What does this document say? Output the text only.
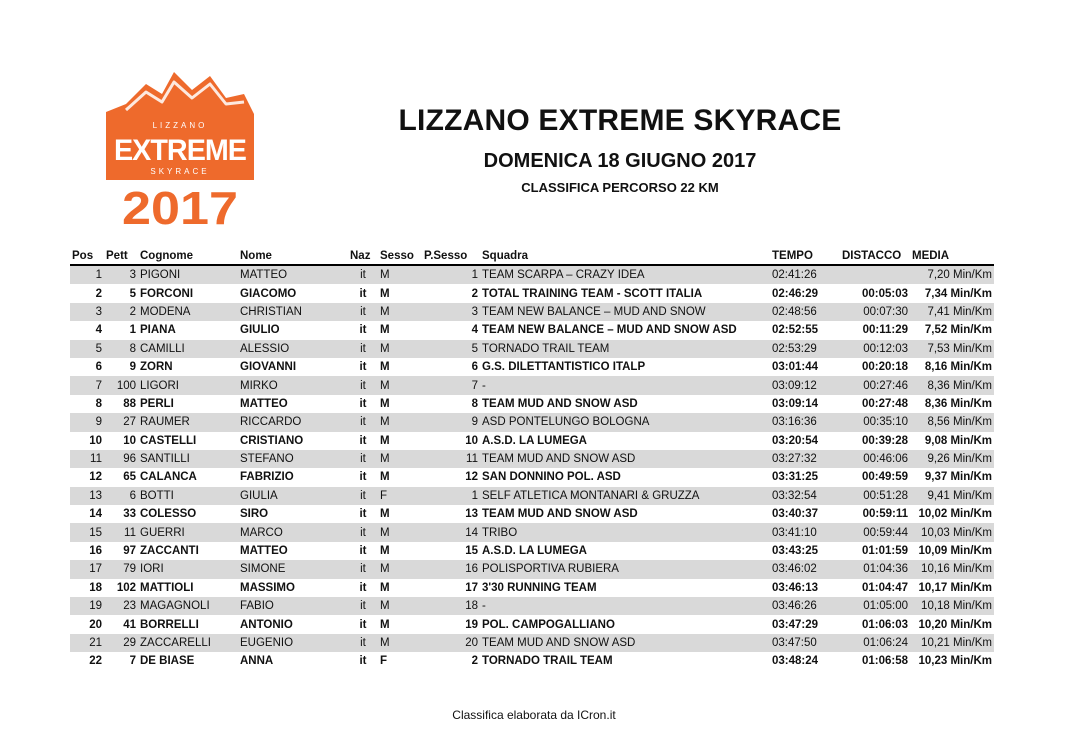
LIZZANO
EXTREME
SKYRACE
2017
LIZZANO EXTREME SKYRACE
DOMENICA 18 GIUGNO 2017
CLASSIFICA PERCORSO 22 KM
Pos	Pett	Cognome	Nome	Naz	Sesso	P.Sesso	Squadra	TEMPO	DISTACCO	MEDIA
1	3	PIGONI	MATTEO	it	M	1	TEAM SCARPA – CRAZY IDEA	02:41:26		7,20 Min/Km
2	5	FORCONI	GIACOMO	it	M	2	TOTAL TRAINING TEAM - SCOTT ITALIA	02:46:29	00:05:03	7,34 Min/Km
3	2	MODENA	CHRISTIAN	it	M	3	TEAM NEW BALANCE – MUD AND SNOW	02:48:56	00:07:30	7,41 Min/Km
4	1	PIANA	GIULIO	it	M	4	TEAM NEW BALANCE – MUD AND SNOW ASD	02:52:55	00:11:29	7,52 Min/Km
5	8	CAMILLI	ALESSIO	it	M	5	TORNADO TRAIL TEAM	02:53:29	00:12:03	7,53 Min/Km
6	9	ZORN	GIOVANNI	it	M	6	G.S. DILETTANTISTICO ITALP	03:01:44	00:20:18	8,16 Min/Km
7	100	LIGORI	MIRKO	it	M	7	-	03:09:12	00:27:46	8,36 Min/Km
8	88	PERLI	MATTEO	it	M	8	TEAM MUD AND SNOW ASD	03:09:14	00:27:48	8,36 Min/Km
9	27	RAUMER	RICCARDO	it	M	9	ASD PONTELUNGO BOLOGNA	03:16:36	00:35:10	8,56 Min/Km
10	10	CASTELLI	CRISTIANO	it	M	10	A.S.D. LA LUMEGA	03:20:54	00:39:28	9,08 Min/Km
11	96	SANTILLI	STEFANO	it	M	11	TEAM MUD AND SNOW ASD	03:27:32	00:46:06	9,26 Min/Km
12	65	CALANCA	FABRIZIO	it	M	12	SAN DONNINO POL. ASD	03:31:25	00:49:59	9,37 Min/Km
13	6	BOTTI	GIULIA	it	F	1	SELF ATLETICA MONTANARI & GRUZZA	03:32:54	00:51:28	9,41 Min/Km
14	33	COLESSO	SIRO	it	M	13	TEAM MUD AND SNOW ASD	03:40:37	00:59:11	10,02 Min/Km
15	11	GUERRI	MARCO	it	M	14	TRIBO	03:41:10	00:59:44	10,03 Min/Km
16	97	ZACCANTI	MATTEO	it	M	15	A.S.D. LA LUMEGA	03:43:25	01:01:59	10,09 Min/Km
17	79	IORI	SIMONE	it	M	16	POLISPORTIVA RUBIERA	03:46:02	01:04:36	10,16 Min/Km
18	102	MATTIOLI	MASSIMO	it	M	17	3'30 RUNNING TEAM	03:46:13	01:04:47	10,17 Min/Km
19	23	MAGAGNOLI	FABIO	it	M	18	-	03:46:26	01:05:00	10,18 Min/Km
20	41	BORRELLI	ANTONIO	it	M	19	POL. CAMPOGALLIANO	03:47:29	01:06:03	10,20 Min/Km
21	29	ZACCARELLI	EUGENIO	it	M	20	TEAM MUD AND SNOW ASD	03:47:50	01:06:24	10,21 Min/Km
22	7	DE BIASE	ANNA	it	F	2	TORNADO TRAIL TEAM	03:48:24	01:06:58	10,23 Min/Km
Classifica elaborata da ICron.it
